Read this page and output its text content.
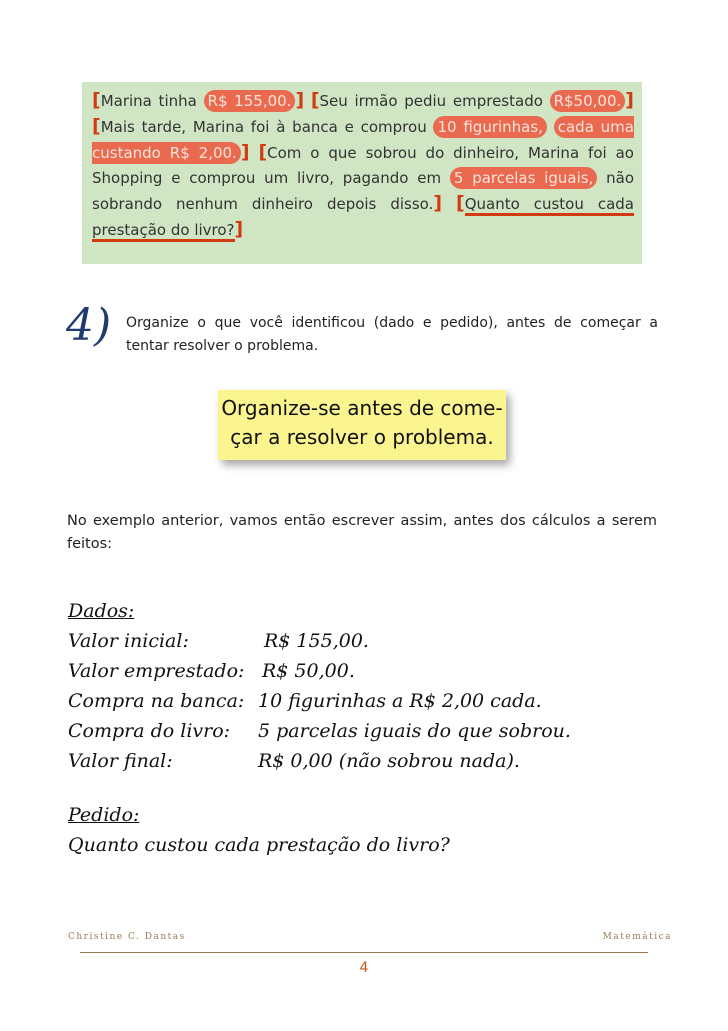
[Marina tinha R$ 155,00. ] [Seu irmão pediu emprestado R$50,00. ] [Mais tarde, Marina foi à banca e comprou 10 figurinhas, cada uma custando R$ 2,00. ] [Com o que sobrou do dinheiro, Marina foi ao Shopping e comprou um livro, pagando em 5 parcelas iguais, não sobrando nenhum dinheiro depois disso.] [Quanto custou cada prestação do livro?]

4) Organize o que você identificou (dado e pedido), antes de começar a tentar resolver o problema.
Organize-se antes de come-
çar a resolver o problema.
No exemplo anterior, vamos então escrever assim, antes dos cálculos a serem feitos:
Dados:
Valor inicial:	R$ 155,00.
Valor emprestado: R$ 50,00.
Compra na banca: 10 figurinhas a R$ 2,00 cada.
Compra do livro: 5 parcelas iguais do que sobrou.
Valor final:	R$ 0,00 (não sobrou nada).
Pedido:
Quanto custou cada prestação do livro?
Christine C. Dantas	Matemática
4
